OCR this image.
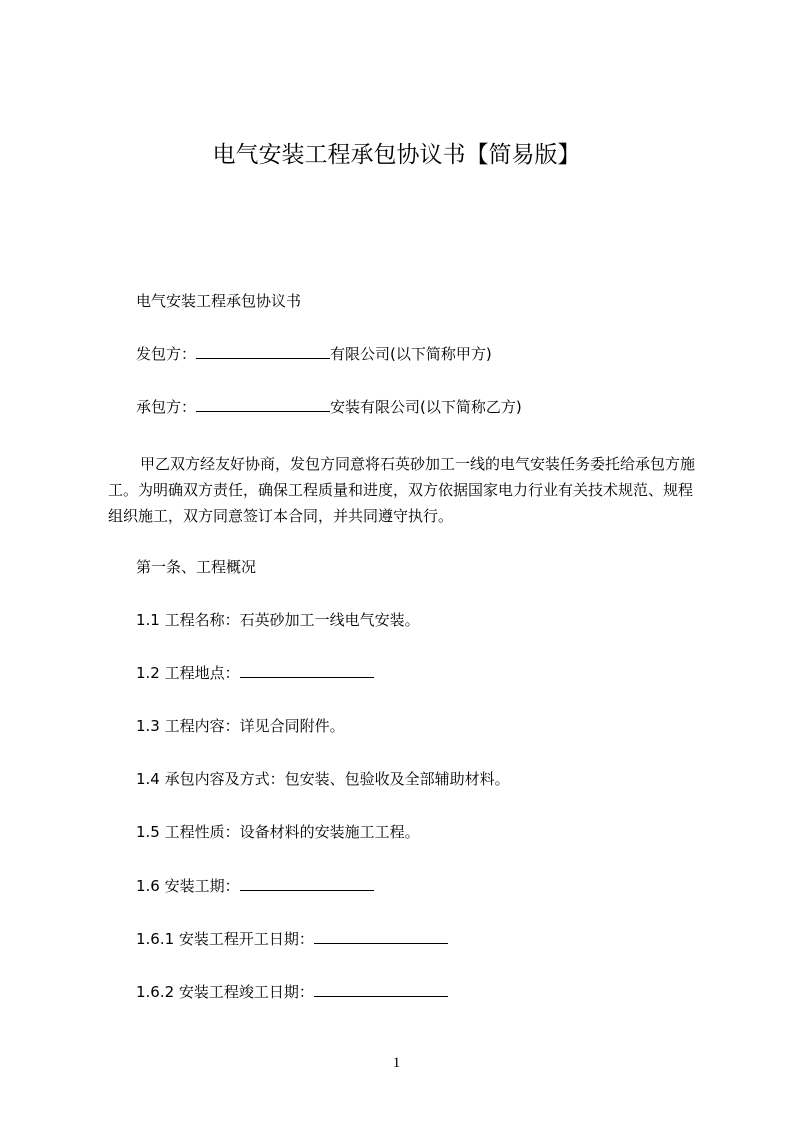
电气安装工程承包协议书【简易版】

电气安装工程承包协议书

发包方：	有限公司(以下简称甲方)

承包方：	安装有限公司(以下简称乙方)

甲乙双方经友好协商，发包方同意将石英砂加工一线的电气安装任务委托给承包方施工。为明确双方责任，确保工程质量和进度，双方依据国家电力行业有关技术规范、规程组织施工，双方同意签订本合同，并共同遵守执行。

第一条、工程概况

1.1 工程名称：石英砂加工一线电气安装。

1.2 工程地点：

1.3 工程内容：详见合同附件。

1.4 承包内容及方式：包安装、包验收及全部辅助材料。

1.5 工程性质：设备材料的安装施工工程。

1.6 安装工期：

1.6.1 安装工程开工日期：

1.6.2 安装工程竣工日期：

1
